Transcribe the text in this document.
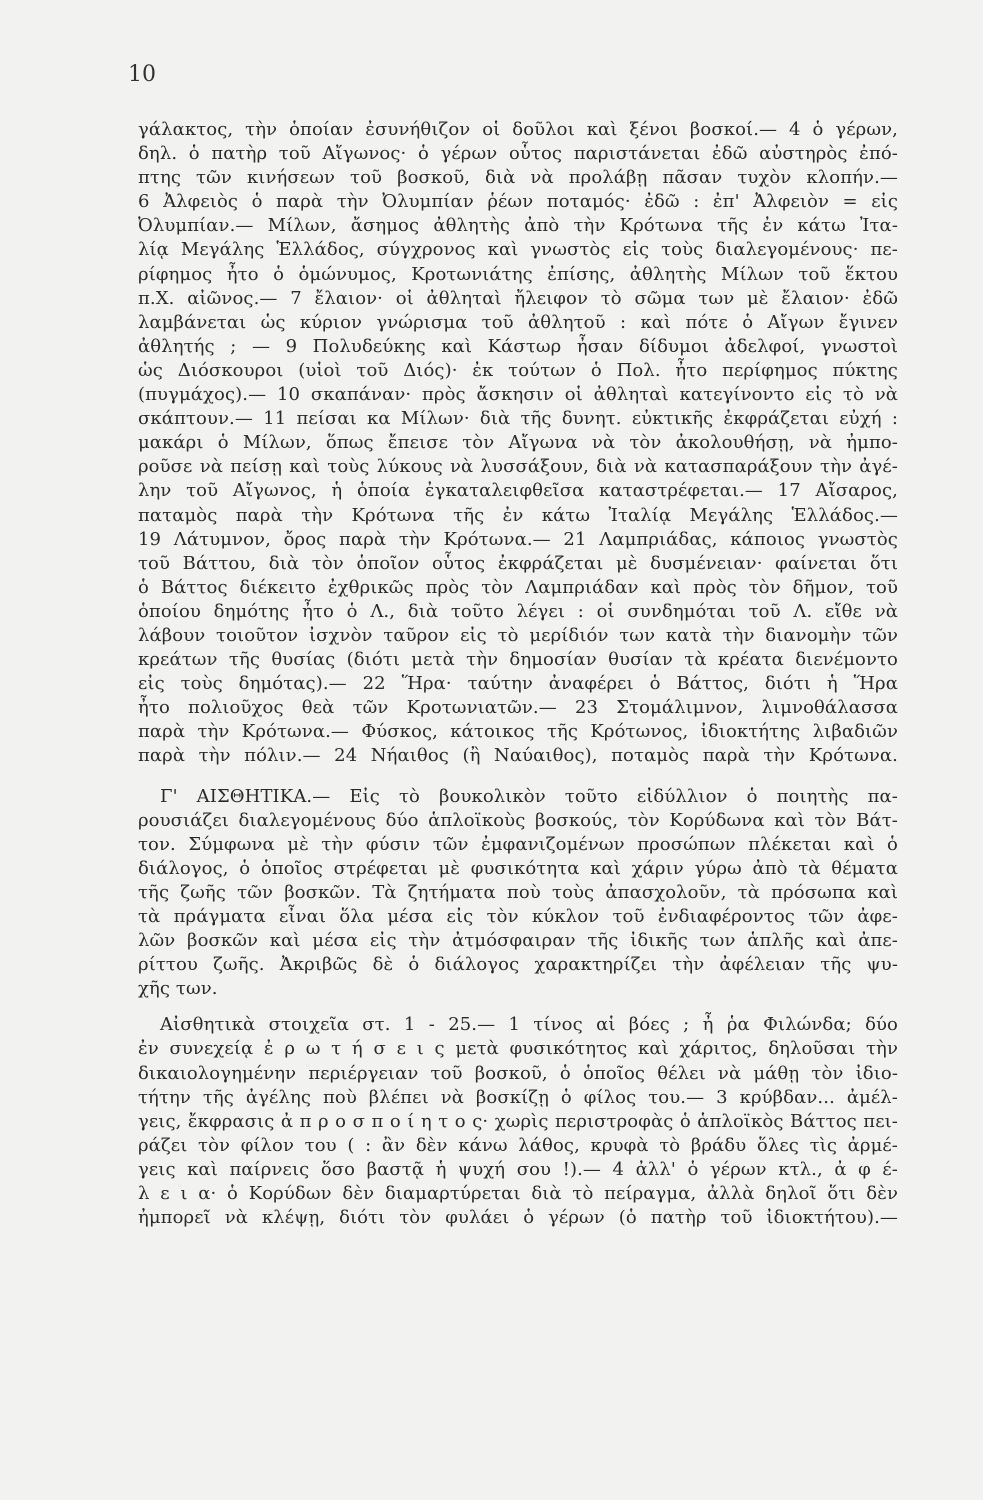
10
γάλακτος, τὴν ὁποίαν ἐσυνήθιζον οἱ δοῦλοι καὶ ξένοι βοσκοί.— 4 ὁ γέρων,
δηλ. ὁ πατὴρ τοῦ Αἴγωνος· ὁ γέρων οὗτος παριστάνεται ἐδῶ αὐστηρὸς ἐπό-
πτης τῶν κινήσεων τοῦ βοσκοῦ, διὰ νὰ προλάβῃ πᾶσαν τυχὸν κλοπήν.—
6 Ἀλφειὸς ὁ παρὰ τὴν Ὀλυμπίαν ῥέων ποταμός· ἐδῶ : ἐπ' Ἀλφειὸν = εἰς
Ὀλυμπίαν.— Μίλων, ἄσημος ἀθλητὴς ἀπὸ τὴν Κρότωνα τῆς ἐν κάτω Ἰτα-
λίᾳ Μεγάλης Ἑλλάδος, σύγχρονος καὶ γνωστὸς εἰς τοὺς διαλεγομένους· πε-
ρίφημος ἦτο ὁ ὁμώνυμος, Κροτωνιάτης ἐπίσης, ἀθλητὴς Μίλων τοῦ ἕκτου
π.Χ. αἰῶνος.— 7 ἔλαιον· οἱ ἀθληταὶ ἤλειφον τὸ σῶμα των μὲ ἔλαιον· ἐδῶ
λαμβάνεται ὡς κύριον γνώρισμα τοῦ ἀθλητοῦ : καὶ πότε ὁ Αἴγων ἔγινεν
ἀθλητής ; — 9 Πολυδεύκης καὶ Κάστωρ ἦσαν δίδυμοι ἀδελφοί, γνωστοὶ
ὡς Διόσκουροι (υἱοὶ τοῦ Διός)· ἐκ τούτων ὁ Πολ. ἦτο περίφημος πύκτης
(πυγμάχος).— 10 σκαπάναν· πρὸς ἄσκησιν οἱ ἀθληταὶ κατεγίνοντο εἰς τὸ νὰ
σκάπτουν.— 11 πείσαι κα Μίλων· διὰ τῆς δυνητ. εὐκτικῆς ἐκφράζεται εὐχή :
μακάρι ὁ Μίλων, ὅπως ἔπεισε τὸν Αἴγωνα νὰ τὸν ἀκολουθήσῃ, νὰ ἠμπο-
ροῦσε νὰ πείσῃ καὶ τοὺς λύκους νὰ λυσσάξουν, διὰ νὰ κατασπαράξουν τὴν ἀγέ-
λην τοῦ Αἴγωνος, ἡ ὁποία ἐγκαταλειφθεῖσα καταστρέφεται.— 17 Αἴσαρος,
παταμὸς παρὰ τὴν Κρότωνα τῆς ἐν κάτω Ἰταλίᾳ Μεγάλης Ἑλλάδος.—
19 Λάτυμνον, ὄρος παρὰ τὴν Κρότωνα.— 21 Λαμπριάδας, κάποιος γνωστὸς
τοῦ Βάττου, διὰ τὸν ὁποῖον οὗτος ἐκφράζεται μὲ δυσμένειαν· φαίνεται ὅτι
ὁ Βάττος διέκειτο ἐχθρικῶς πρὸς τὸν Λαμπριάδαν καὶ πρὸς τὸν δῆμον, τοῦ
ὁποίου δημότης ἦτο ὁ Λ., διὰ τοῦτο λέγει : οἱ συνδημόται τοῦ Λ. εἴθε νὰ
λάβουν τοιοῦτον ἰσχνὸν ταῦρον εἰς τὸ μερίδιόν των κατὰ τὴν διανομὴν τῶν
κρεάτων τῆς θυσίας (διότι μετὰ τὴν δημοσίαν θυσίαν τὰ κρέατα διενέμοντο
εἰς τοὺς δημότας).— 22 Ἥρα· ταύτην ἀναφέρει ὁ Βάττος, διότι ἡ Ἥρα
ἦτο πολιοῦχος θεὰ τῶν Κροτωνιατῶν.— 23 Στομάλιμνον, λιμνοθάλασσα
παρὰ τὴν Κρότωνα.— Φύσκος, κάτοικος τῆς Κρότωνος, ἰδιοκτήτης λιβαδιῶν
παρὰ τὴν πόλιν.— 24 Νήαιθος (ἢ Ναύαιθος), ποταμὸς παρὰ τὴν Κρότωνα.
Γ' ΑΙΣΘΗΤΙΚΑ.— Εἰς τὸ βουκολικὸν τοῦτο εἰδύλλιον ὁ ποιητὴς πα-
ρουσιάζει διαλεγομένους δύο ἁπλοϊκοὺς βοσκούς, τὸν Κορύδωνα καὶ τὸν Βάτ-
τον. Σύμφωνα μὲ τὴν φύσιν τῶν ἐμφανιζομένων προσώπων πλέκεται καὶ ὁ
διάλογος, ὁ ὁποῖος στρέφεται μὲ φυσικότητα καὶ χάριν γύρω ἀπὸ τὰ θέματα
τῆς ζωῆς τῶν βοσκῶν. Τὰ ζητήματα ποὺ τοὺς ἀπασχολοῦν, τὰ πρόσωπα καὶ
τὰ πράγματα εἶναι ὅλα μέσα εἰς τὸν κύκλον τοῦ ἐνδιαφέροντος τῶν ἀφε-
λῶν βοσκῶν καὶ μέσα εἰς τὴν ἀτμόσφαιραν τῆς ἰδικῆς των ἁπλῆς καὶ ἀπε-
ρίττου ζωῆς. Ἀκριβῶς δὲ ὁ διάλογος χαρακτηρίζει τὴν ἀφέλειαν τῆς ψυ-
χῆς των.
Αἰσθητικὰ στοιχεῖα στ. 1 - 25.— 1 τίνος αἱ βόες ; ἦ ῥα Φιλώνδα; δύο
ἐν συνεχείᾳ ἐ ρ ω τ ή σ ε ι ς μετὰ φυσικότητος καὶ χάριτος, δηλοῦσαι τὴν
δικαιολογημένην περιέργειαν τοῦ βοσκοῦ, ὁ ὁποῖος θέλει νὰ μάθῃ τὸν ἰδιο-
τήτην τῆς ἀγέλης ποὺ βλέπει νὰ βοσκίζῃ ὁ φίλος του.— 3 κρύβδαν... ἀμέλ-
γεις, ἔκφρασις ἀ π ρ ο σ π ο ί η τ ο ς· χωρὶς περιστροφὰς ὁ ἁπλοϊκὸς Βάττος πει-
ράζει τὸν φίλον του ( : ἂν δὲν κάνω λάθος, κρυφὰ τὸ βράδυ ὅλες τὶς ἀρμέ-
γεις καὶ παίρνεις ὅσο βαστᾷ ἡ ψυχή σου !).— 4 ἀλλ' ὁ γέρων κτλ., ἀ φ έ-
λ ε ι α· ὁ Κορύδων δὲν διαμαρτύρεται διὰ τὸ πείραγμα, ἀλλὰ δηλοῖ ὅτι δὲν
ἠμπορεῖ νὰ κλέψῃ, διότι τὸν φυλάει ὁ γέρων (ὁ πατὴρ τοῦ ἰδιοκτήτου).—
